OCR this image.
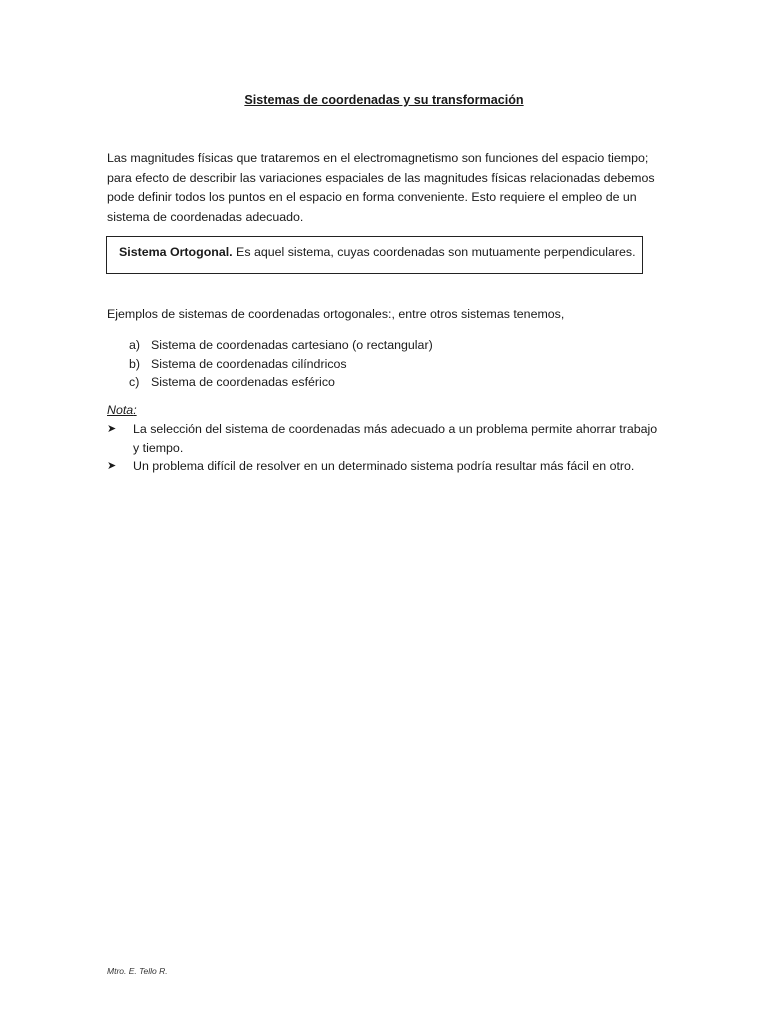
Sistemas de coordenadas y su transformación

Las magnitudes físicas que trataremos en el electromagnetismo son funciones del espacio tiempo;
para efecto de describir las variaciones espaciales de las magnitudes físicas relacionadas debemos
pode definir todos los puntos en el espacio en forma conveniente. Esto requiere el empleo de un
sistema de coordenadas adecuado.

Sistema Ortogonal. Es aquel sistema, cuyas coordenadas son mutuamente perpendiculares.
Ejemplos de sistemas de coordenadas ortogonales:, entre otros sistemas tenemos,
a) Sistema de coordenadas cartesiano (o rectangular)
b) Sistema de coordenadas cilíndricos
c) Sistema de coordenadas esférico
Nota:
➤ La selección del sistema de coordenadas más adecuado a un problema permite ahorrar trabajo
y tiempo.
➤ Un problema difícil de resolver en un determinado sistema podría resultar más fácil en otro.
Mtro. E. Tello R.
